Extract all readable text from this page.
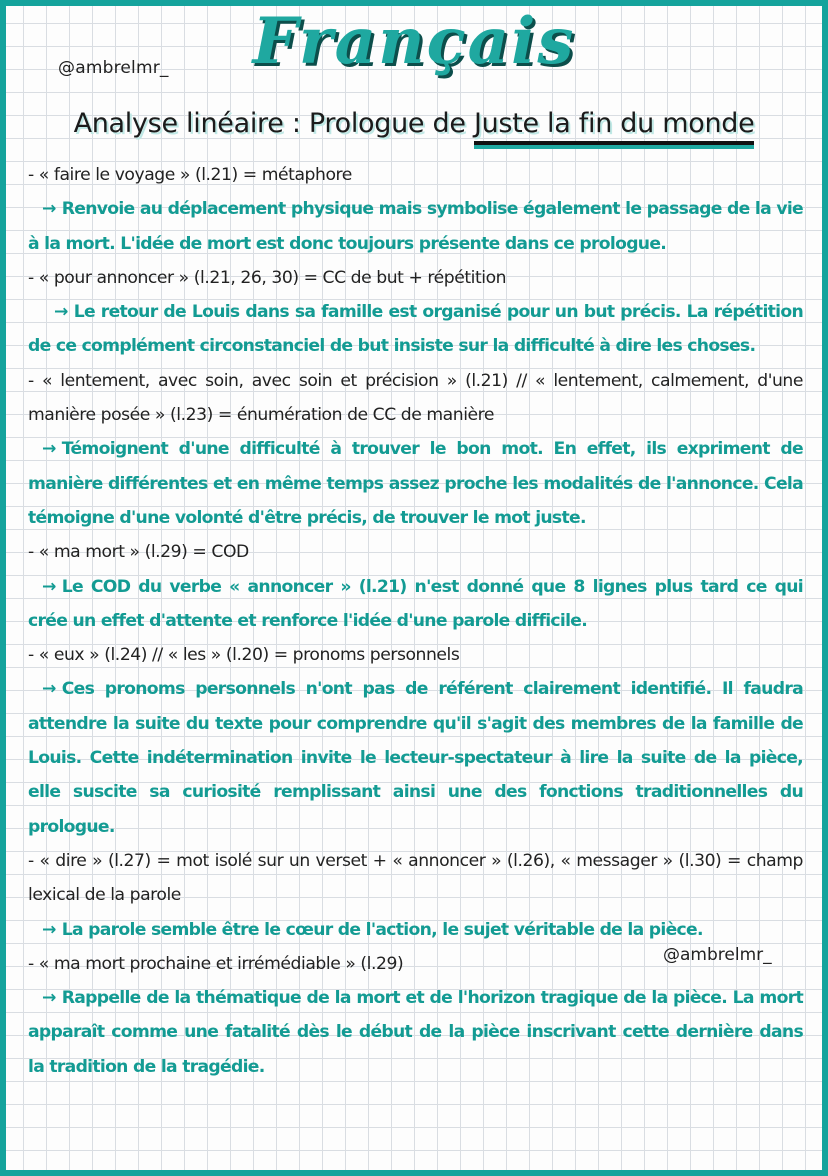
@ambrelmr_	Français
Analyse linéaire : Prologue de Juste la fin du monde

- « faire le voyage » (l.21) = métaphore

→ Renvoie au déplacement physique mais symbolise également le passage de la vie à la mort. L'idée de mort est donc toujours présente dans ce prologue.

- « pour annoncer » (l.21, 26, 30) = CC de but + répétition

→ Le retour de Louis dans sa famille est organisé pour un but précis. La répétition de ce complément circonstanciel de but insiste sur la difficulté à dire les choses.

- « lentement, avec soin, avec soin et précision » (l.21) // « lentement, calmement, d'une manière posée » (l.23) = énumération de CC de manière

→ Témoignent d'une difficulté à trouver le bon mot. En effet, ils expriment de manière différentes et en même temps assez proche les modalités de l'annonce. Cela témoigne d'une volonté d'être précis, de trouver le mot juste.

- « ma mort » (l.29) = COD

→ Le COD du verbe « annoncer » (l.21) n'est donné que 8 lignes plus tard ce qui crée un effet d'attente et renforce l'idée d'une parole difficile.

- « eux » (l.24) // « les » (l.20) = pronoms personnels

→ Ces pronoms personnels n'ont pas de référent clairement identifié. Il faudra attendre la suite du texte pour comprendre qu'il s'agit des membres de la famille de Louis. Cette indétermination invite le lecteur-spectateur à lire la suite de la pièce, elle suscite sa curiosité remplissant ainsi une des fonctions traditionnelles du prologue.

- « dire » (l.27) = mot isolé sur un verset + « annoncer » (l.26), « messager » (l.30) = champ lexical de la parole

→ La parole semble être le cœur de l'action, le sujet véritable de la pièce.

- « ma mort prochaine et irrémédiable » (l.29)

→ Rappelle de la thématique de la mort et de l'horizon tragique de la pièce. La mort apparaît comme une fatalité dès le début de la pièce inscrivant cette dernière dans la tradition de la tragédie.

@ambrelmr_
